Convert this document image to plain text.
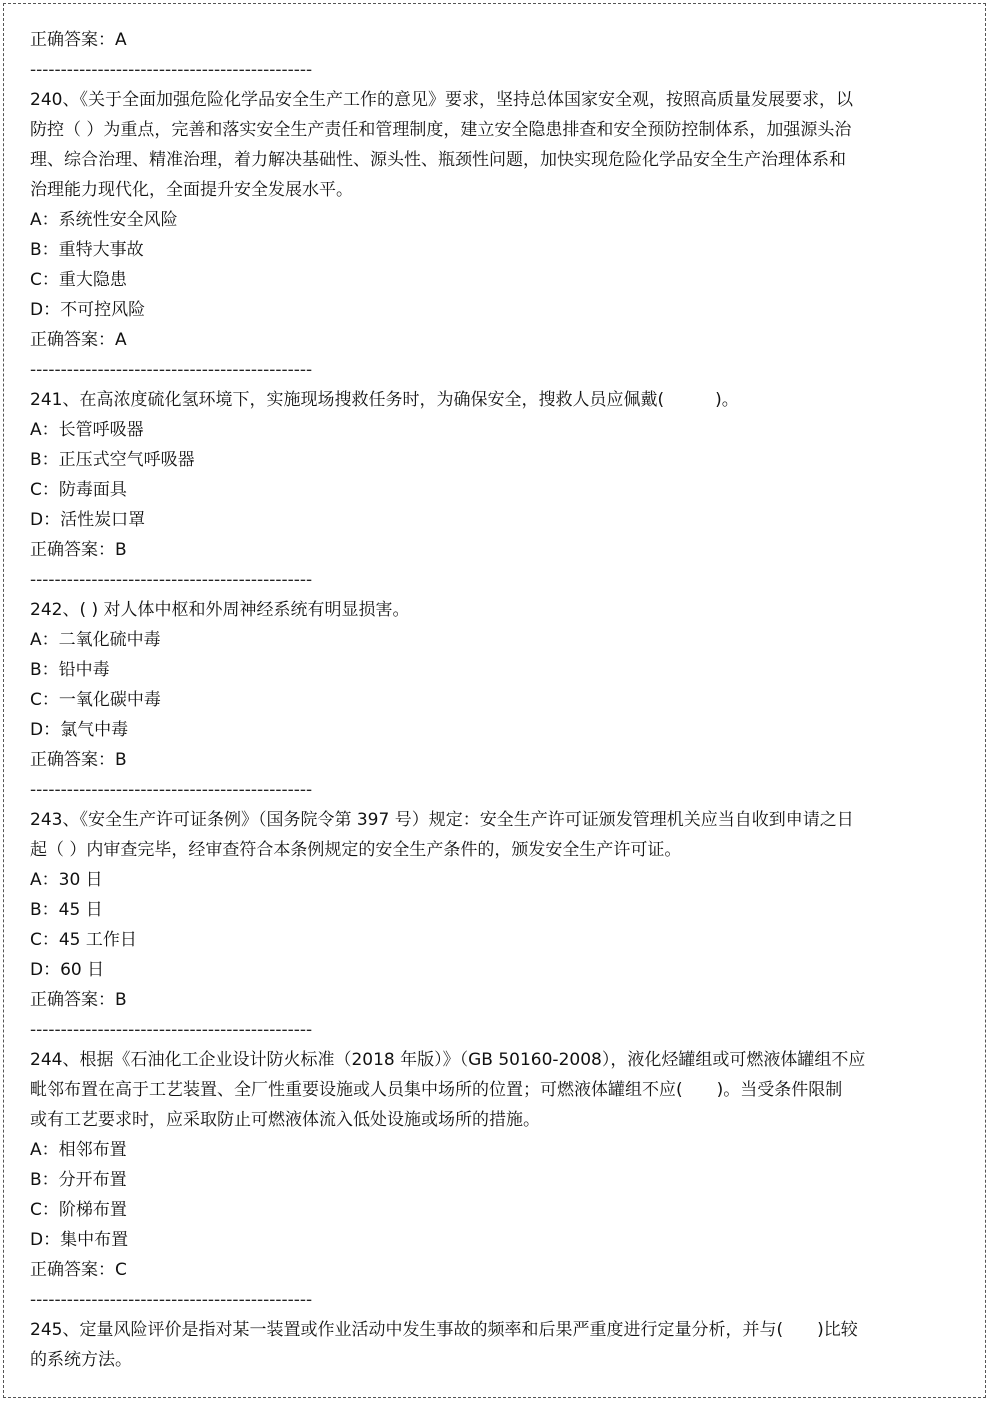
正确答案：A
----------------------------------------------
240、《关于全面加强危险化学品安全生产工作的意见》要求，坚持总体国家安全观，按照高质量发展要求，以
防控（ ）为重点，完善和落实安全生产责任和管理制度，建立安全隐患排查和安全预防控制体系，加强源头治
理、综合治理、精准治理，着力解决基础性、源头性、瓶颈性问题，加快实现危险化学品安全生产治理体系和
治理能力现代化，全面提升安全发展水平。
A：系统性安全风险
B：重特大事故
C：重大隐患
D：不可控风险
正确答案：A
----------------------------------------------
241、在高浓度硫化氢环境下，实施现场搜救任务时，为确保安全，搜救人员应佩戴(　　　)。
A：长管呼吸器
B：正压式空气呼吸器
C：防毒面具
D：活性炭口罩
正确答案：B
----------------------------------------------
242、( ) 对人体中枢和外周神经系统有明显损害。
A：二氧化硫中毒
B：铅中毒
C：一氧化碳中毒
D：氯气中毒
正确答案：B
----------------------------------------------
243、《安全生产许可证条例》（国务院令第 397 号）规定：安全生产许可证颁发管理机关应当自收到申请之日
起（ ）内审查完毕，经审查符合本条例规定的安全生产条件的，颁发安全生产许可证。
A：30 日
B：45 日
C：45 工作日
D：60 日
正确答案：B
----------------------------------------------
244、根据《石油化工企业设计防火标准（2018 年版）》（GB 50160-2008），液化烃罐组或可燃液体罐组不应
毗邻布置在高于工艺装置、全厂性重要设施或人员集中场所的位置；可燃液体罐组不应(　　)。当受条件限制
或有工艺要求时，应采取防止可燃液体流入低处设施或场所的措施。
A：相邻布置
B：分开布置
C：阶梯布置
D：集中布置
正确答案：C
----------------------------------------------
245、定量风险评价是指对某一装置或作业活动中发生事故的频率和后果严重度进行定量分析，并与(　　)比较
的系统方法。
